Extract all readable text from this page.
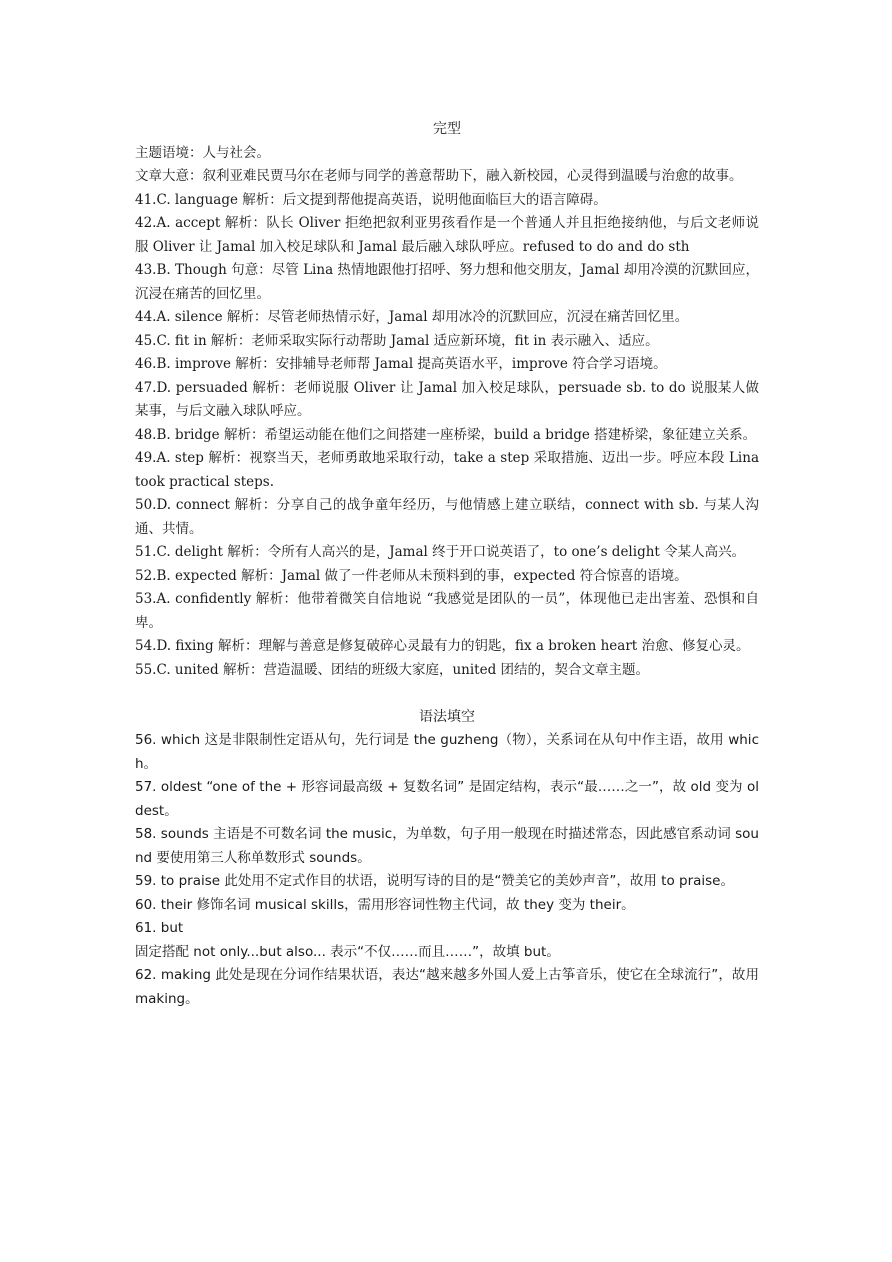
完型
主题语境：人与社会。
文章大意：叙利亚难民贾马尔在老师与同学的善意帮助下，融入新校园，心灵得到温暖与治愈的故事。
41.C. language 解析：后文提到帮他提高英语，说明他面临巨大的语言障碍。
42.A. accept 解析：队长 Oliver 拒绝把叙利亚男孩看作是一个普通人并且拒绝接纳他，与后文老师说服 Oliver 让 Jamal 加入校足球队和 Jamal 最后融入球队呼应。refused to do and do sth
43.B. Though 句意：尽管 Lina 热情地跟他打招呼、努力想和他交朋友，Jamal 却用冷漠的沉默回应，沉浸在痛苦的回忆里。
44.A. silence 解析：尽管老师热情示好，Jamal 却用冰冷的沉默回应，沉浸在痛苦回忆里。
45.C. fit in 解析：老师采取实际行动帮助 Jamal 适应新环境，fit in 表示融入、适应。
46.B. improve 解析：安排辅导老师帮 Jamal 提高英语水平，improve 符合学习语境。
47.D. persuaded 解析：老师说服 Oliver 让 Jamal 加入校足球队，persuade sb. to do 说服某人做某事，与后文融入球队呼应。
48.B. bridge 解析：希望运动能在他们之间搭建一座桥梁，build a bridge 搭建桥梁，象征建立关系。
49.A. step 解析：视察当天，老师勇敢地采取行动，take a step 采取措施、迈出一步。呼应本段 Lina took practical steps.
50.D. connect 解析：分享自己的战争童年经历，与他情感上建立联结，connect with sb. 与某人沟通、共情。
51.C. delight 解析：令所有人高兴的是，Jamal 终于开口说英语了，to one’s delight 令某人高兴。
52.B. expected 解析：Jamal 做了一件老师从未预料到的事，expected 符合惊喜的语境。
53.A. confidently 解析：他带着微笑自信地说 “我感觉是团队的一员”，体现他已走出害羞、恐惧和自卑。
54.D. fixing 解析：理解与善意是修复破碎心灵最有力的钥匙，fix a broken heart 治愈、修复心灵。
55.C. united 解析：营造温暖、团结的班级大家庭，united 团结的，契合文章主题。
语法填空
56. which 这是非限制性定语从句，先行词是 the guzheng（物），关系词在从句中作主语，故用 which。
57. oldest “one of the + 形容词最高级 + 复数名词” 是固定结构，表示“最……之一”，故 old 变为 oldest。
58. sounds 主语是不可数名词 the music，为单数，句子用一般现在时描述常态，因此感官系动词 sound 要使用第三人称单数形式 sounds。
59. to praise 此处用不定式作目的状语，说明写诗的目的是“赞美它的美妙声音”，故用 to praise。
60. their 修饰名词 musical skills，需用形容词性物主代词，故 they 变为 their。
61. but
固定搭配 not only...but also... 表示“不仅……而且……”，故填 but。
62. making 此处是现在分词作结果状语，表达“越来越多外国人爱上古筝音乐，使它在全球流行”，故用 making。
